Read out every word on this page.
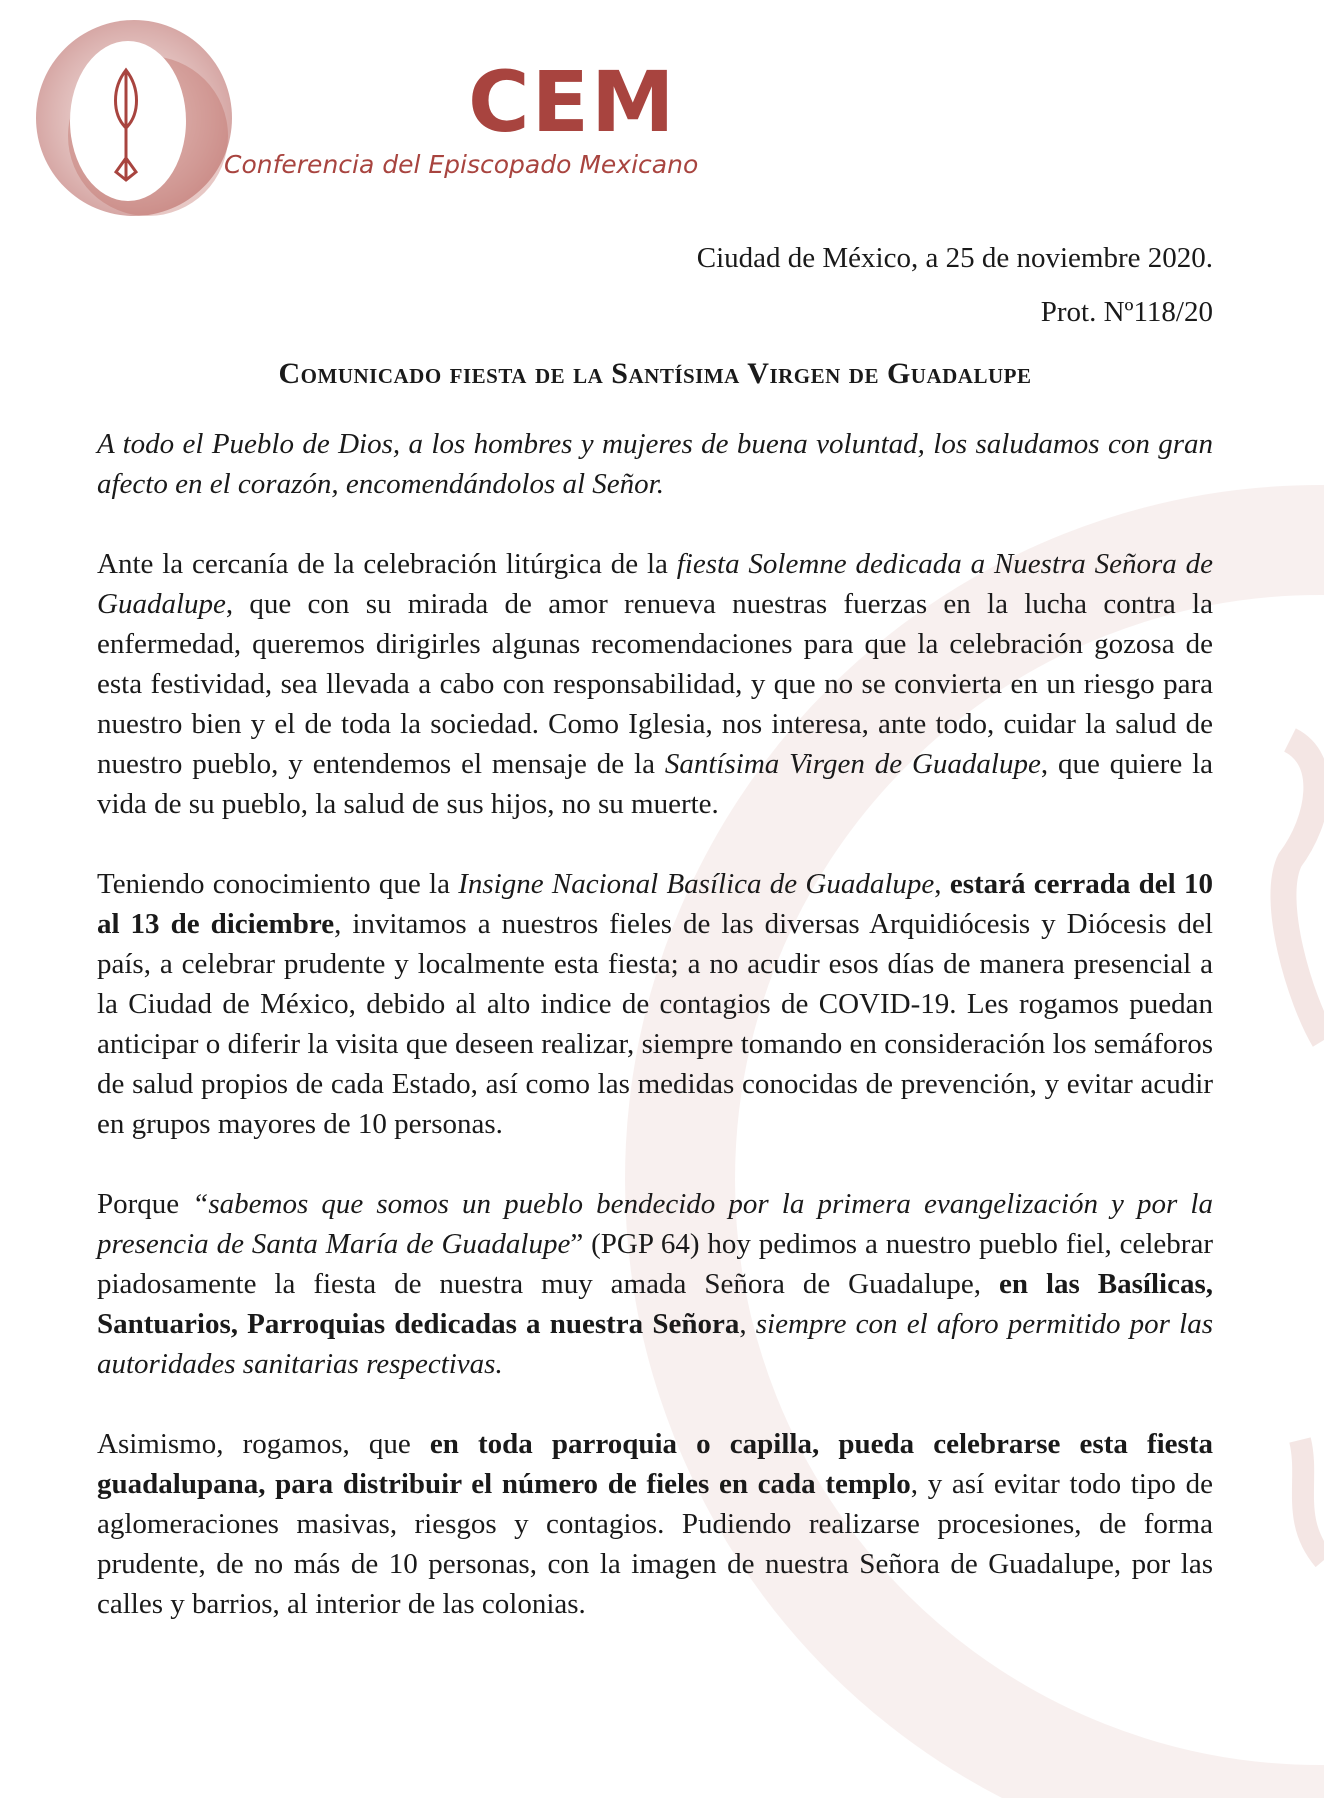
CEM
Conferencia del Episcopado Mexicano

Ciudad de México, a 25 de noviembre 2020.

Prot. Nº118/20

Comunicado fiesta de la Santísima Virgen de Guadalupe

A todo el Pueblo de Dios, a los hombres y mujeres de buena voluntad, los saludamos con gran afecto en el corazón, encomendándolos al Señor.

Ante la cercanía de la celebración litúrgica de la fiesta Solemne dedicada a Nuestra Señora de Guadalupe, que con su mirada de amor renueva nuestras fuerzas en la lucha contra la enfermedad, queremos dirigirles algunas recomendaciones para que la celebración gozosa de esta festividad, sea llevada a cabo con responsabilidad, y que no se convierta en un riesgo para nuestro bien y el de toda la sociedad. Como Iglesia, nos interesa, ante todo, cuidar la salud de nuestro pueblo, y entendemos el mensaje de la Santísima Virgen de Guadalupe, que quiere la vida de su pueblo, la salud de sus hijos, no su muerte.

Teniendo conocimiento que la Insigne Nacional Basílica de Guadalupe, estará cerrada del 10 al 13 de diciembre, invitamos a nuestros fieles de las diversas Arquidiócesis y Diócesis del país, a celebrar prudente y localmente esta fiesta; a no acudir esos días de manera presencial a la Ciudad de México, debido al alto indice de contagios de COVID-19. Les rogamos puedan anticipar o diferir la visita que deseen realizar, siempre tomando en consideración los semáforos de salud propios de cada Estado, así como las medidas conocidas de prevención, y evitar acudir en grupos mayores de 10 personas.

Porque “sabemos que somos un pueblo bendecido por la primera evangelización y por la presencia de Santa María de Guadalupe” (PGP 64) hoy pedimos a nuestro pueblo fiel, celebrar piadosamente la fiesta de nuestra muy amada Señora de Guadalupe, en las Basílicas, Santuarios, Parroquias dedicadas a nuestra Señora, siempre con el aforo permitido por las autoridades sanitarias respectivas.

Asimismo, rogamos, que en toda parroquia o capilla, pueda celebrarse esta fiesta guadalupana, para distribuir el número de fieles en cada templo, y así evitar todo tipo de aglomeraciones masivas, riesgos y contagios. Pudiendo realizarse procesiones, de forma prudente, de no más de 10 personas, con la imagen de nuestra Señora de Guadalupe, por las calles y barrios, al interior de las colonias.
